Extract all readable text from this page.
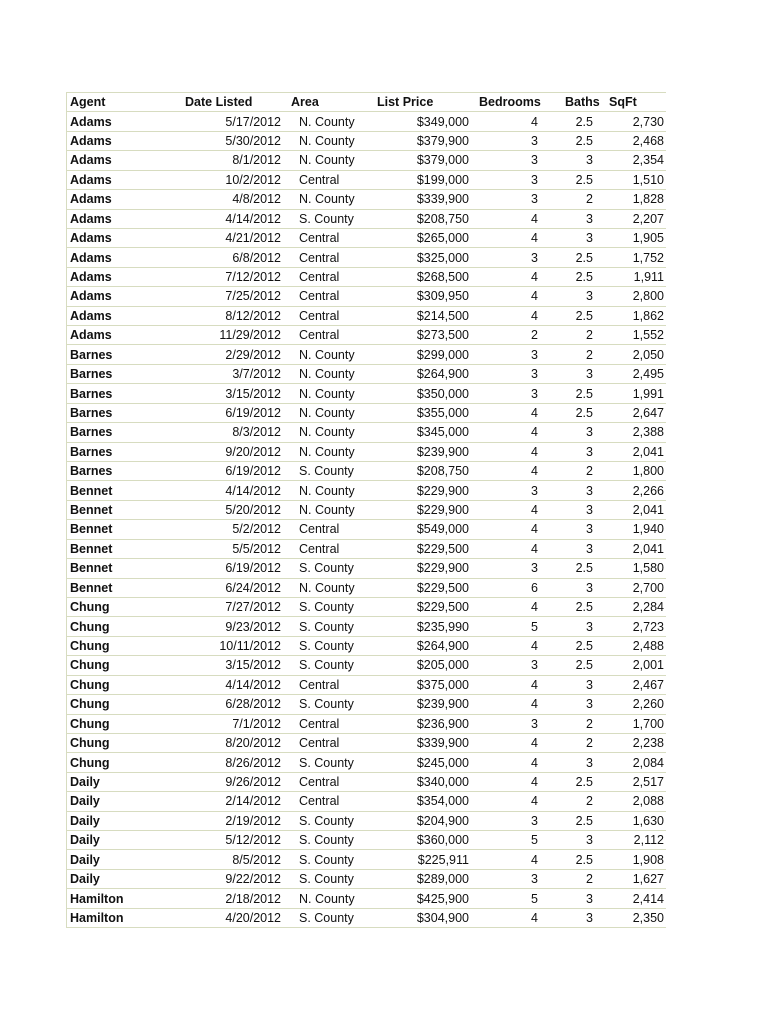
Agent	Date Listed	Area	List Price	Bedrooms	Baths	SqFt
Adams	5/17/2012	N. County	$349,000	4	2.5	2,730
Adams	5/30/2012	N. County	$379,900	3	2.5	2,468
Adams	8/1/2012	N. County	$379,000	3	3	2,354
Adams	10/2/2012	Central	$199,000	3	2.5	1,510
Adams	4/8/2012	N. County	$339,900	3	2	1,828
Adams	4/14/2012	S. County	$208,750	4	3	2,207
Adams	4/21/2012	Central	$265,000	4	3	1,905
Adams	6/8/2012	Central	$325,000	3	2.5	1,752
Adams	7/12/2012	Central	$268,500	4	2.5	1,911
Adams	7/25/2012	Central	$309,950	4	3	2,800
Adams	8/12/2012	Central	$214,500	4	2.5	1,862
Adams	11/29/2012	Central	$273,500	2	2	1,552
Barnes	2/29/2012	N. County	$299,000	3	2	2,050
Barnes	3/7/2012	N. County	$264,900	3	3	2,495
Barnes	3/15/2012	N. County	$350,000	3	2.5	1,991
Barnes	6/19/2012	N. County	$355,000	4	2.5	2,647
Barnes	8/3/2012	N. County	$345,000	4	3	2,388
Barnes	9/20/2012	N. County	$239,900	4	3	2,041
Barnes	6/19/2012	S. County	$208,750	4	2	1,800
Bennet	4/14/2012	N. County	$229,900	3	3	2,266
Bennet	5/20/2012	N. County	$229,900	4	3	2,041
Bennet	5/2/2012	Central	$549,000	4	3	1,940
Bennet	5/5/2012	Central	$229,500	4	3	2,041
Bennet	6/19/2012	S. County	$229,900	3	2.5	1,580
Bennet	6/24/2012	N. County	$229,500	6	3	2,700
Chung	7/27/2012	S. County	$229,500	4	2.5	2,284
Chung	9/23/2012	S. County	$235,990	5	3	2,723
Chung	10/11/2012	S. County	$264,900	4	2.5	2,488
Chung	3/15/2012	S. County	$205,000	3	2.5	2,001
Chung	4/14/2012	Central	$375,000	4	3	2,467
Chung	6/28/2012	S. County	$239,900	4	3	2,260
Chung	7/1/2012	Central	$236,900	3	2	1,700
Chung	8/20/2012	Central	$339,900	4	2	2,238
Chung	8/26/2012	S. County	$245,000	4	3	2,084
Daily	9/26/2012	Central	$340,000	4	2.5	2,517
Daily	2/14/2012	Central	$354,000	4	2	2,088
Daily	2/19/2012	S. County	$204,900	3	2.5	1,630
Daily	5/12/2012	S. County	$360,000	5	3	2,112
Daily	8/5/2012	S. County	$225,911	4	2.5	1,908
Daily	9/22/2012	S. County	$289,000	3	2	1,627
Hamilton	2/18/2012	N. County	$425,900	5	3	2,414
Hamilton	4/20/2012	S. County	$304,900	4	3	2,350
